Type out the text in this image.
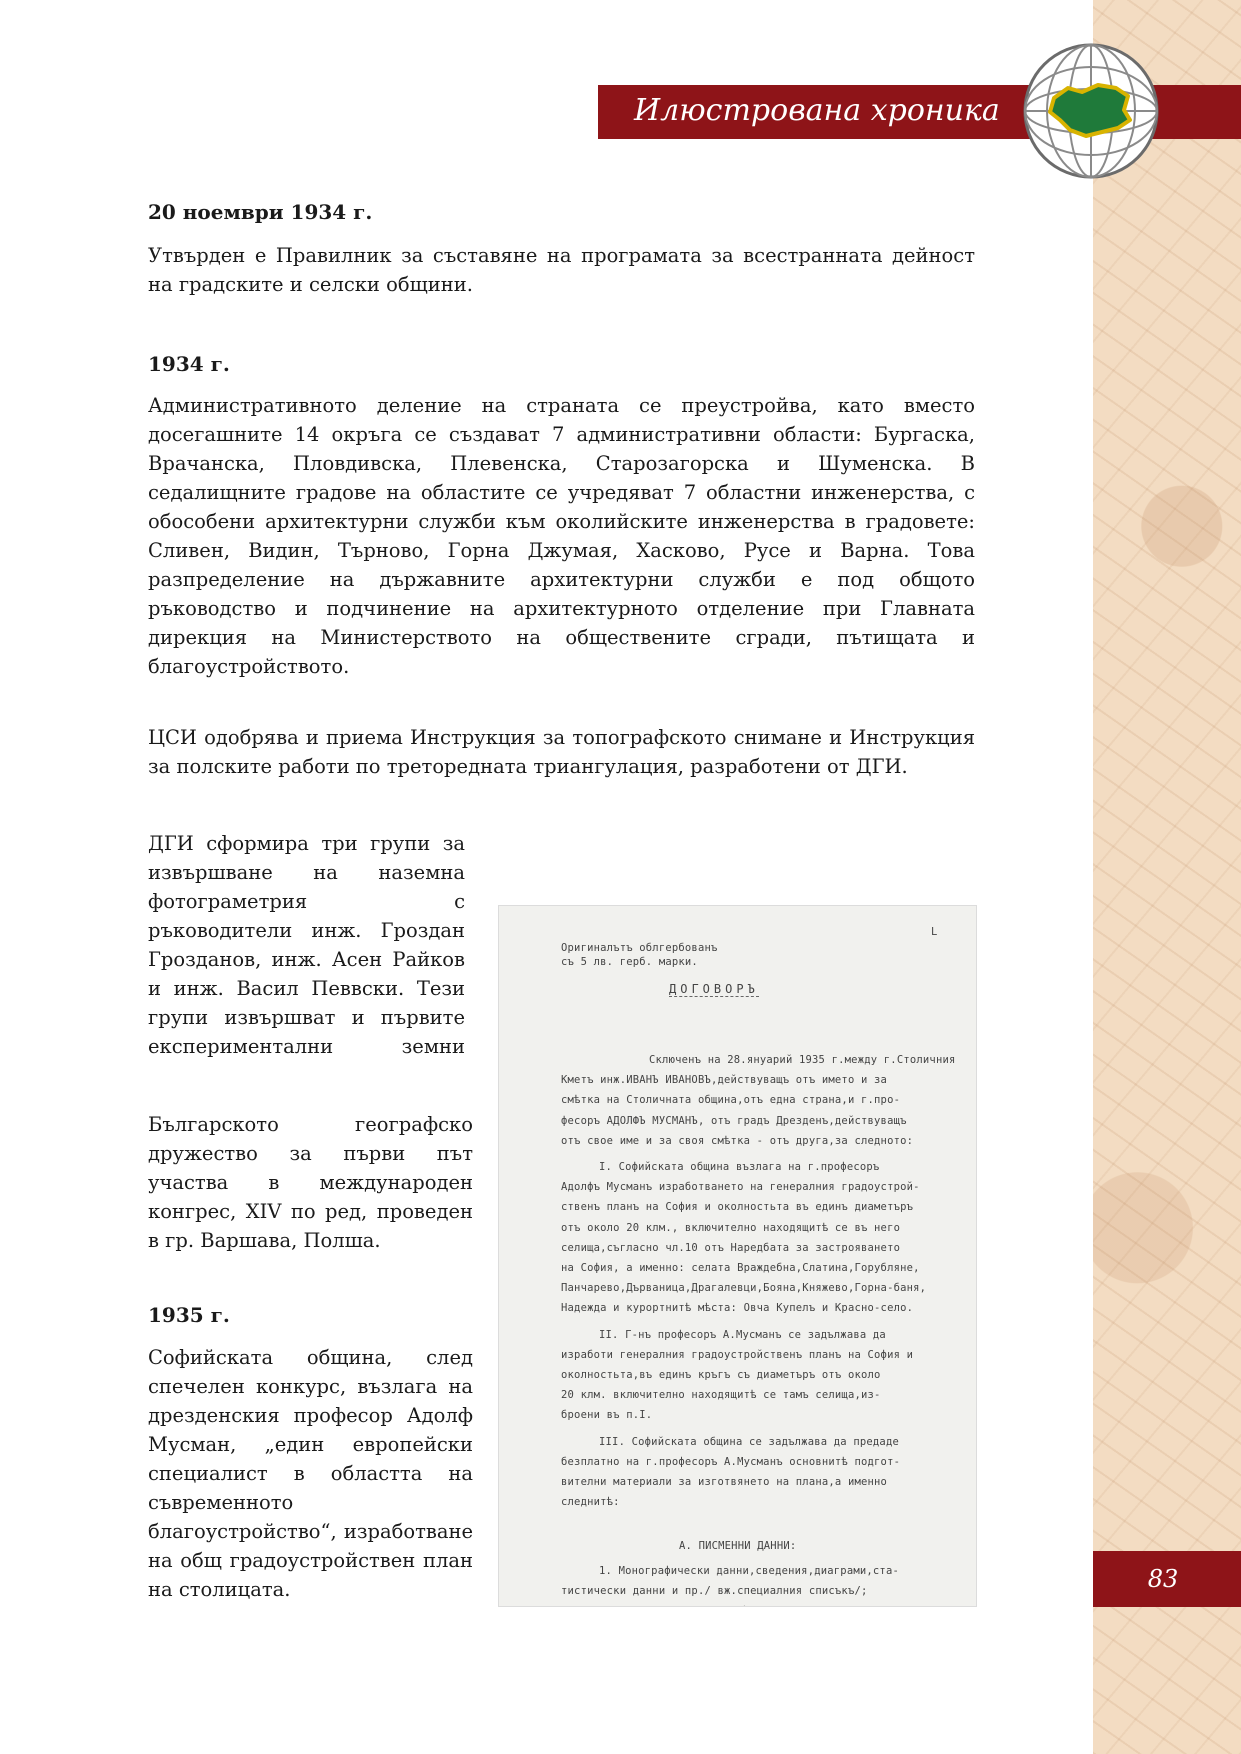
Илюстрована хроника
20 ноември 1934 г.
Утвърден е Правилник за съставяне на програмата за всестранната дейност на градските и селски общини.
1934 г.
Административното деление на страната се преустройва, като вместо досегашните 14 окръга се създават 7 административни области: Бургаска, Врачанска, Пловдивска, Плевенска, Старозагорска и Шуменска. В седалищните градове на областите се учредяват 7 областни инженерства, с обособени архитектурни служби към околийските инженерства в градовете: Сливен, Видин, Търново, Горна Джумая, Хасково, Русе и Варна. Това разпределение на държавните архитектурни служби е под общото ръководство и подчинение на архитектурното отделение при Главната дирекция на Министерството на обществените сгради, пътищата и благоустройството.
ЦСИ одобрява и приема Инструкция за топографското снимане и Инструкция за полските работи по треторедната триангулация, разработени от ДГИ.
ДГИ сформира три групи за извършване на наземна фотограметрия с ръководители инж. Гроздан Грозданов, инж. Асен Райков и инж. Васил Певвски. Тези групи извършват и първите експериментални земни
Българското географско дружество за първи път участва в международен конгрес, XIV по ред, проведен в гр. Варшава, Полша.
1935 г.
Софийската община, след спечелен конкурс, възлага на дрезденския професор Адолф Мусман, „един европейски специалист в областта на съвременното благоустройство“, изработване на общ градоустройствен план на столицата.
Оригиналътъ облгербованъ
съ 5 лв. герб. марки.
L
ДОГОВОРЪ
Сключенъ на 28.януарий 1935 г.между г.Столичния
Кметъ инж.ИВАНЪ ИВАНОВЪ,действуващъ отъ името и за
смѣтка на Столичната община,отъ една страна,и г.про-
фесоръ АДОЛФЪ МУСМАНЪ, отъ градъ Дрезденъ,действуващъ
отъ свое име и за своя смѣтка - отъ друга,за следното:
I. Софийската община възлага на г.професоръ
Адолфъ Мусманъ изработването на генералния градоустрой-
ственъ планъ на София и околностьта въ единъ диаметъръ
отъ около 20 клм., включително находящитѣ се въ него
селища,съгласно чл.10 отъ Наредбата за застрояването
на София, а именно: селата Враждебна,Слатина,Горубляне,
Панчарево,Дърваница,Драгалевци,Бояна,Княжево,Горна-баня,
Надежда и курортнитѣ мѣста: Овча Купелъ и Красно-село.
II. Г-нъ професоръ А.Мусманъ се задължава да
изработи генералния градоустройственъ планъ на София и
околностьта,въ единъ кръгъ съ диаметъръ отъ около
20 клм. включително находящитѣ се тамъ селища,из-
броени въ п.I.
III. Софийската община се задължава да предаде
безплатно на г.професоръ А.Мусманъ основнитѣ подгот-
вителни материали за изготвянето на плана,а именно
следнитѣ:
А. ПИСМЕННИ ДАННИ:
1. Монографически данни,сведения,диаграми,ста-
тистически данни и пр./ вж.специалния списъкъ/;	83
